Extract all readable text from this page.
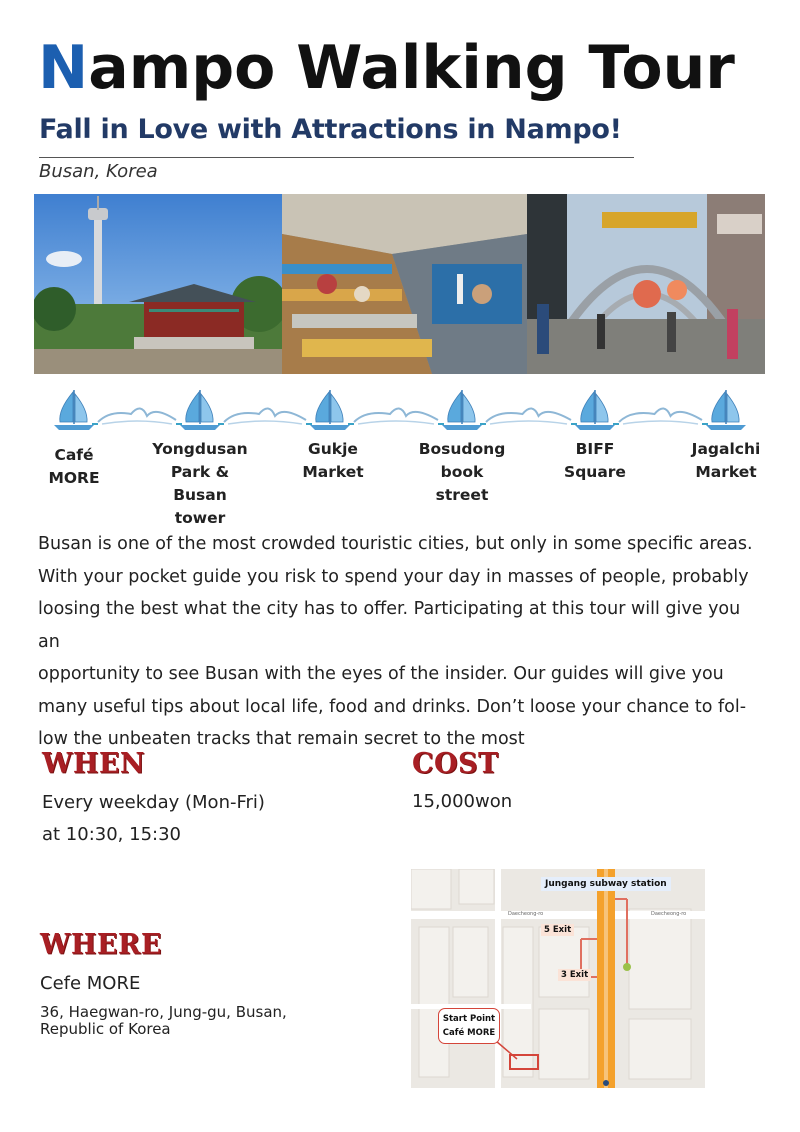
Nampo Walking Tour
Fall in Love with Attractions in Nampo!
Busan, Korea
Café
MORE
Yongdusan
Park & Busan
tower
Gukje
Market
Bosudong
book street
BIFF
Square
Jagalchi
Market
Busan is one of the most crowded touristic cities, but only in some specific areas.
With your pocket guide you risk to spend your day in masses of people, probably
loosing the best what the city has to offer. Participating at this tour will give you an
opportunity to see Busan with the eyes of the insider. Our guides will give you
many useful tips about local life, food and drinks. Don’t loose your chance to fol-
low the unbeaten tracks that remain secret to the most
WHEN
Every weekday (Mon-Fri)
at 10:30, 15:30
COST
15,000won
WHERE
Cefe MORE
36, Haegwan-ro, Jung-gu, Busan,
Republic of Korea
Jungang subway station
Daecheong-ro	Daecheong-ro
5 Exit
3 Exit
Start Point
Café MORE
